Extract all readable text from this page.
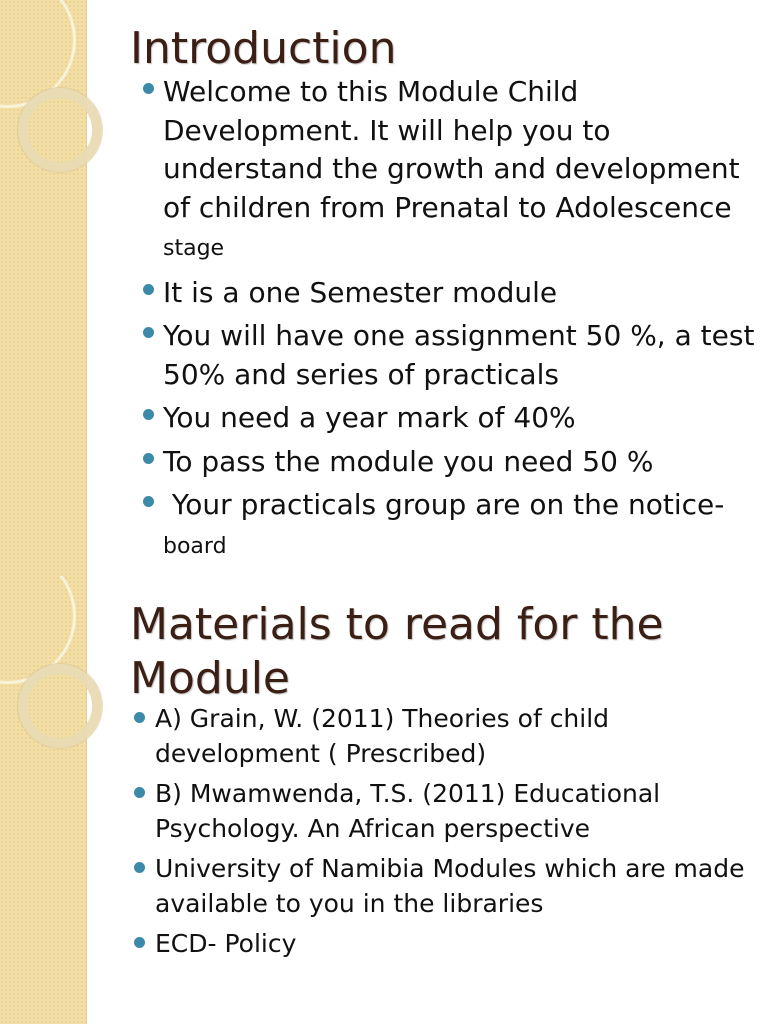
Introduction
Welcome to this Module Child Development. It will help you to understand the growth and development of children from Prenatal to Adolescence stage
It is a one Semester module
You will have one assignment 50 %, a test 50% and series of practicals
You need a year mark of 40%
To pass the module you need 50 %
Your practicals group are on the notice-board
Materials to read for the Module
A) Grain, W. (2011) Theories of child development ( Prescribed)
B) Mwamwenda, T.S. (2011) Educational Psychology. An African perspective
University of Namibia Modules which are made available to you in the libraries
ECD- Policy
